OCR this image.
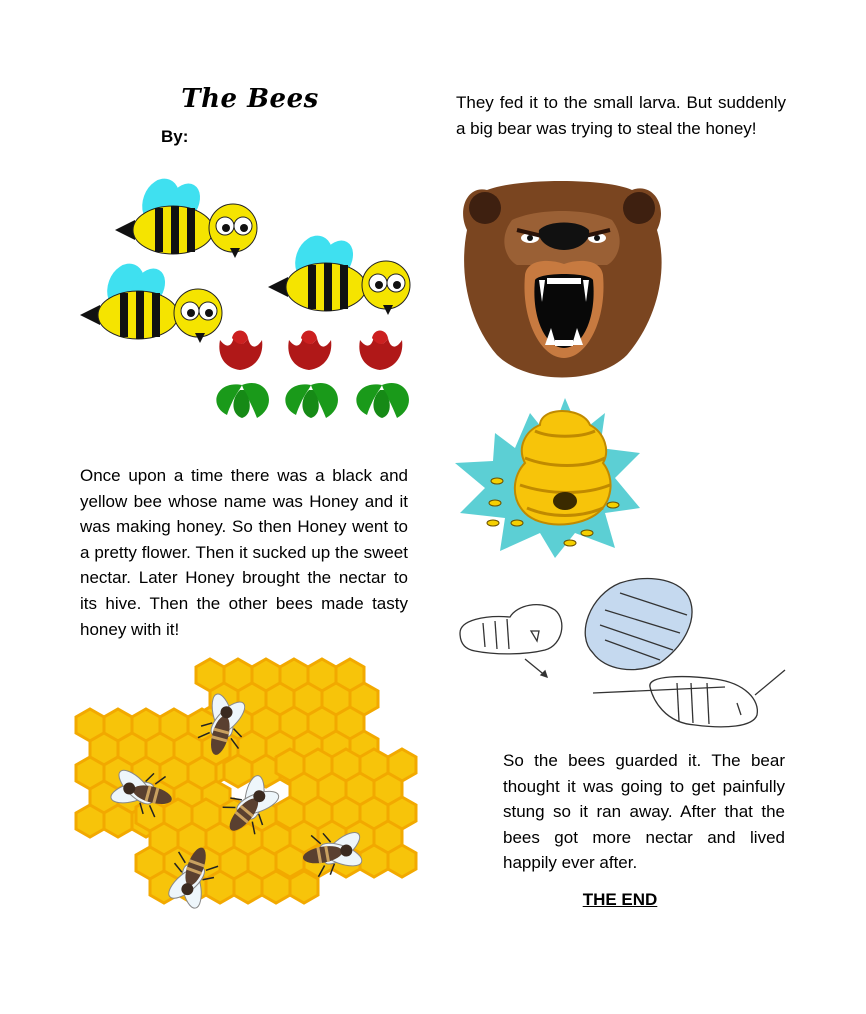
The Bees
By:
Once upon a time there was a black and yellow bee whose name was Honey and it was making honey. So then Honey went to a pretty flower. Then it sucked up the sweet nectar. Later Honey brought the nectar to its hive. Then the other bees made tasty honey with it!
They fed it to the small larva. But suddenly a big bear was trying to steal the honey!
So the bees guarded it. The bear thought it was going to get painfully stung so it ran away. After that the bees got more nectar and lived happily ever after.
THE END
